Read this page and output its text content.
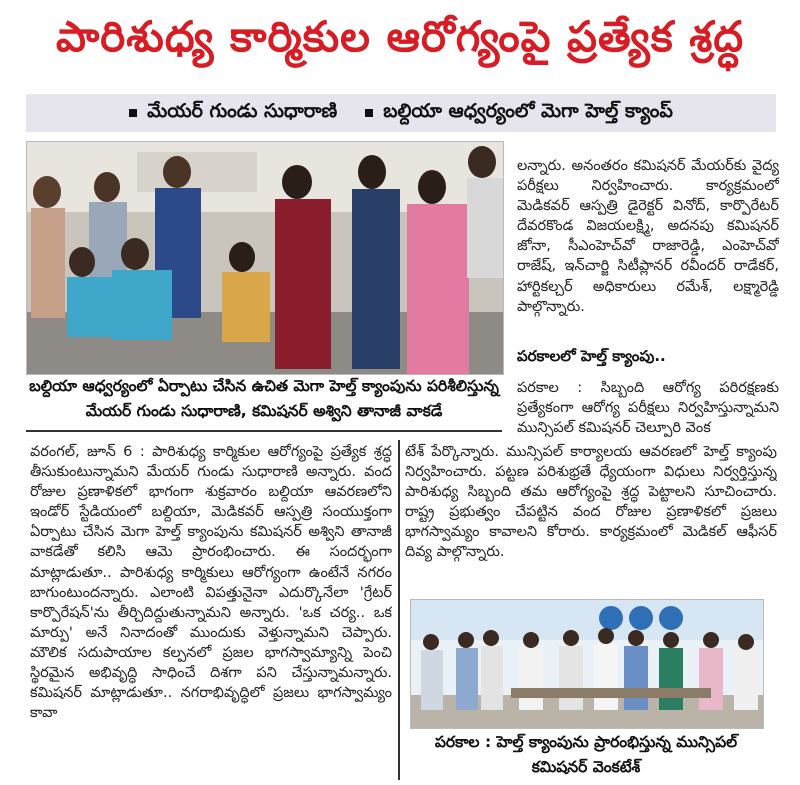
పారిశుధ్య కార్మికుల ఆరోగ్యంపై ప్రత్యేక శ్రద్ధ
మేయర్ గుండు సుధారాణి బల్దియా ఆధ్వర్యంలో మెగా హెల్త్ క్యాంప్
బల్దియా ఆధ్వర్యంలో ఏర్పాటు చేసిన ఉచిత మెగా హెల్త్ క్యాంపును పరిశీలిస్తున్న మేయర్ గుండు సుధారాణి, కమిషనర్ అశ్విని తానాజీ వాకడే

లన్నారు. అనంతరం కమిషనర్ మేయర్‌కు వైద్య పరీక్షలు నిర్వహించారు. కార్యక్రమంలో మెడికవర్ ఆస్పత్రి డైరెక్టర్ వినోద్, కార్పొరేటర్ దేవరకొండ విజయలక్ష్మి, అదనపు కమిషనర్ జోనా, సీఎంహెచ్‌వో రాజారెడ్డి, ఎంహెచ్‌వో రాజేష్, ఇన్‌చార్జి సిటీప్లానర్ రవీందర్ రాడేకర్, హార్టికల్చర్ అధికారులు రమేశ్, లక్ష్మారెడ్డి పాల్గొన్నారు.

పరకాలలో హెల్త్ క్యాంపు..

పరకాల : సిబ్బంది ఆరోగ్య పరిరక్షణకు ప్రత్యేకంగా ఆరోగ్య పరీక్షలు నిర్వహిస్తున్నామని మున్సిపల్ కమిషనర్ చెల్పూరి వెంక

టేశ్ పేర్కొన్నారు. మున్సిపల్ కార్యాలయ ఆవరణలో హెల్త్ క్యాంపు నిర్వహించారు. పట్టణ పరిశుభ్రతే ధ్యేయంగా విధులు నిర్వర్తిస్తున్న పారిశుధ్య సిబ్బంది తమ ఆరోగ్యంపై శ్రద్ధ పెట్టాలని సూచించారు. రాష్ట్ర ప్రభుత్వం చేపట్టిన వంద రోజుల ప్రణాళికలో ప్రజలు భాగస్వామ్యం కావాలని కోరారు. కార్యక్రమంలో మెడికల్ ఆఫీసర్ దివ్య పాల్గొన్నారు.

వరంగల్, జూన్ 6 : పారిశుధ్య కార్మికుల ఆరోగ్యంపై ప్రత్యేక శ్రద్ధ తీసుకుంటున్నామని మేయర్ గుండు సుధారాణి అన్నారు. వంద రోజుల ప్రణాళికలో భాగంగా శుక్రవారం బల్దియా ఆవరణలోని ఇండోర్ స్టేడియంలో బల్దియా, మెడికవర్ ఆస్పత్రి సంయుక్తంగా ఏర్పాటు చేసిన మెగా హెల్త్ క్యాంపును కమిషనర్ అశ్విని తానాజీ వాకడేతో కలిసి ఆమె ప్రారంభించారు. ఈ సందర్భంగా మాట్లాడుతూ.. పారిశుధ్య కార్మికులు ఆరోగ్యంగా ఉంటేనే నగరం బాగుంటుందన్నారు. ఎలాంటి విపత్తునైనా ఎదుర్కొనేలా 'గ్రేటర్ కార్పొరేషన్'ను తీర్చిదిద్దుతున్నామని అన్నారు. 'ఒక చర్య.. ఒక మార్పు' అనే నినాదంతో ముందుకు వెళ్తున్నామని చెప్పారు. మౌలిక సదుపాయాల కల్పనలో ప్రజల భాగస్వామ్యాన్ని పెంచి స్థిరమైన అభివృద్ధి సాధించే దిశగా పని చేస్తున్నామన్నారు. కమిషనర్ మాట్లాడుతూ.. నగరాభివృద్ధిలో ప్రజలు భాగస్వామ్యం కావా

పరకాల : హెల్త్ క్యాంపును ప్రారంభిస్తున్న మున్సిపల్ కమిషనర్ వెంకటేశ్
